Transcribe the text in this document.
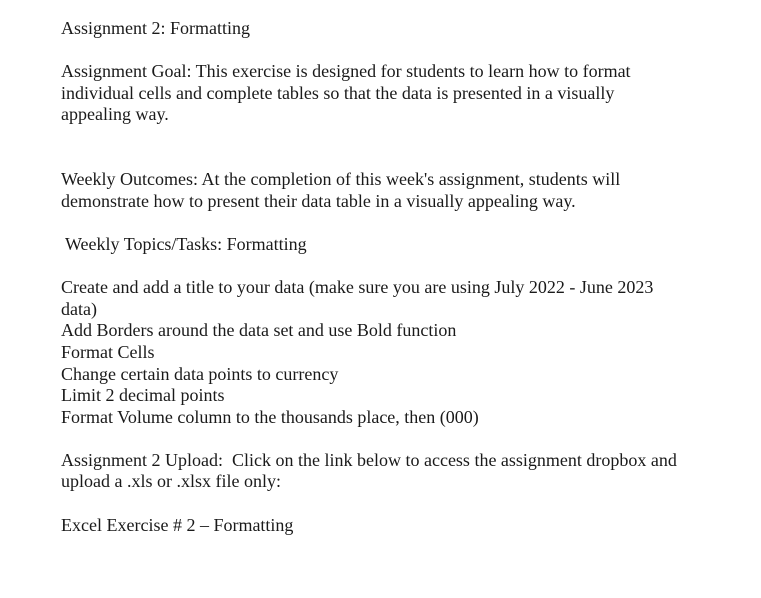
Assignment 2: Formatting
Assignment Goal: This exercise is designed for students to learn how to format
individual cells and complete tables so that the data is presented in a visually
appealing way.
Weekly Outcomes: At the completion of this week's assignment, students will
demonstrate how to present their data table in a visually appealing way.
Weekly Topics/Tasks: Formatting
Create and add a title to your data (make sure you are using July 2022 - June 2023
data)
Add Borders around the data set and use Bold function
Format Cells
Change certain data points to currency
Limit 2 decimal points
Format Volume column to the thousands place, then (000)
Assignment 2 Upload:  Click on the link below to access the assignment dropbox and
upload a .xls or .xlsx file only:
Excel Exercise # 2 – Formatting
